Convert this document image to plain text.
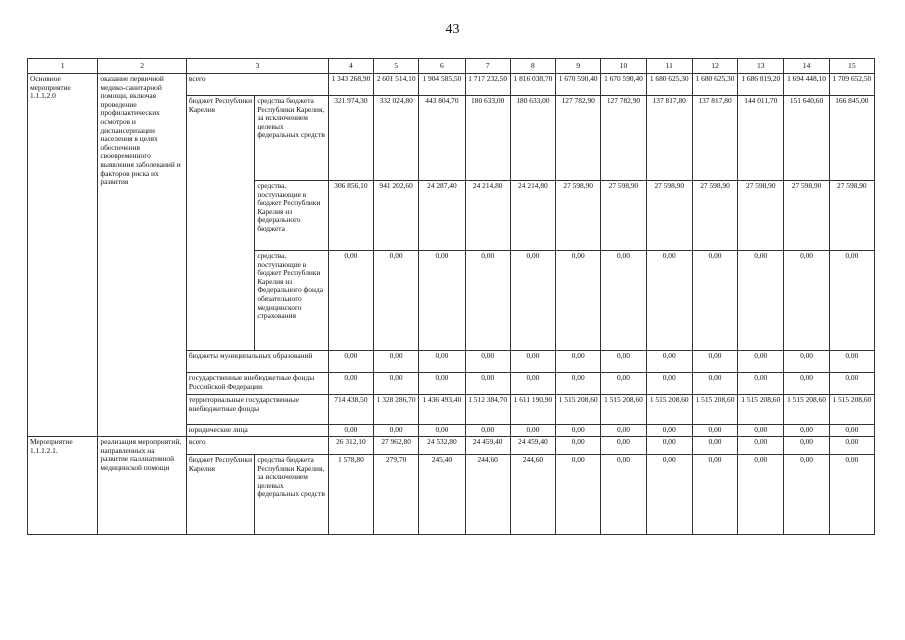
43
1	2	3		4	5	6	7	8	9	10	11	12	13	14	15
Основное мероприятие 1.1.1.2.0	оказание первичной медико-санитарной помощи, включая проведение профилактических осмотров и диспансеризации населения в целях обеспечения своевременного выявления заболеваний и факторов риска их развития	всего		1 343 268,90	2 601 514,10	1 904 585,50	1 717 232,50	1 816 038,70	1 670 590,40	1 670 590,40	1 680 625,30	1 680 625,30	1 686 819,20	1 694 448,10	1 709 652,50
		бюджет Республики Карелия	средства бюджета Республики Карелия, за исключением целевых федеральных средств	321 974,30	332 024,80	443 804,70	180 633,00	180 633,00	127 782,90	127 782,90	137 817,80	137 817,80	144 011,70	151 640,60	166 845,00
			средства, поступающие в бюджет Республики Карелия из федерального бюджета	306 856,10	941 202,60	24 287,40	24 214,80	24 214,80	27 598,90	27 598,90	27 598,90	27 598,90	27 598,90	27 598,90	27 598,90
			средства, поступающие в бюджет Республики Карелия из Федерального фонда обязательного медицинского страхования	0,00	0,00	0,00	0,00	0,00	0,00	0,00	0,00	0,00	0,00	0,00	0,00
		бюджеты муниципальных образований		0,00	0,00	0,00	0,00	0,00	0,00	0,00	0,00	0,00	0,00	0,00	0,00
		государственные внебюджетные фонды Российской Федерации		0,00	0,00	0,00	0,00	0,00	0,00	0,00	0,00	0,00	0,00	0,00	0,00
		территориальные государственные внебюджетные фонды		714 438,50	1 328 286,70	1 436 493,40	1 512 384,70	1 611 190,90	1 515 208,60	1 515 208,60	1 515 208,60	1 515 208,60	1 515 208,60	1 515 208,60	1 515 208,60
		юридические лица		0,00	0,00	0,00	0,00	0,00	0,00	0,00	0,00	0,00	0,00	0,00	0,00
Мероприятие 1.1.1.2.1.	реализация мероприятий, направленных на развитие паллиативной медицинской помощи	всего		26 312,10	27 962,80	24 532,80	24 459,40	24 459,40	0,00	0,00	0,00	0,00	0,00	0,00	0,00
		бюджет Республики Карелия	средства бюджета Республики Карелия, за исключением целевых федеральных средств	1 578,80	279,70	245,40	244,60	244,60	0,00	0,00	0,00	0,00	0,00	0,00	0,00
